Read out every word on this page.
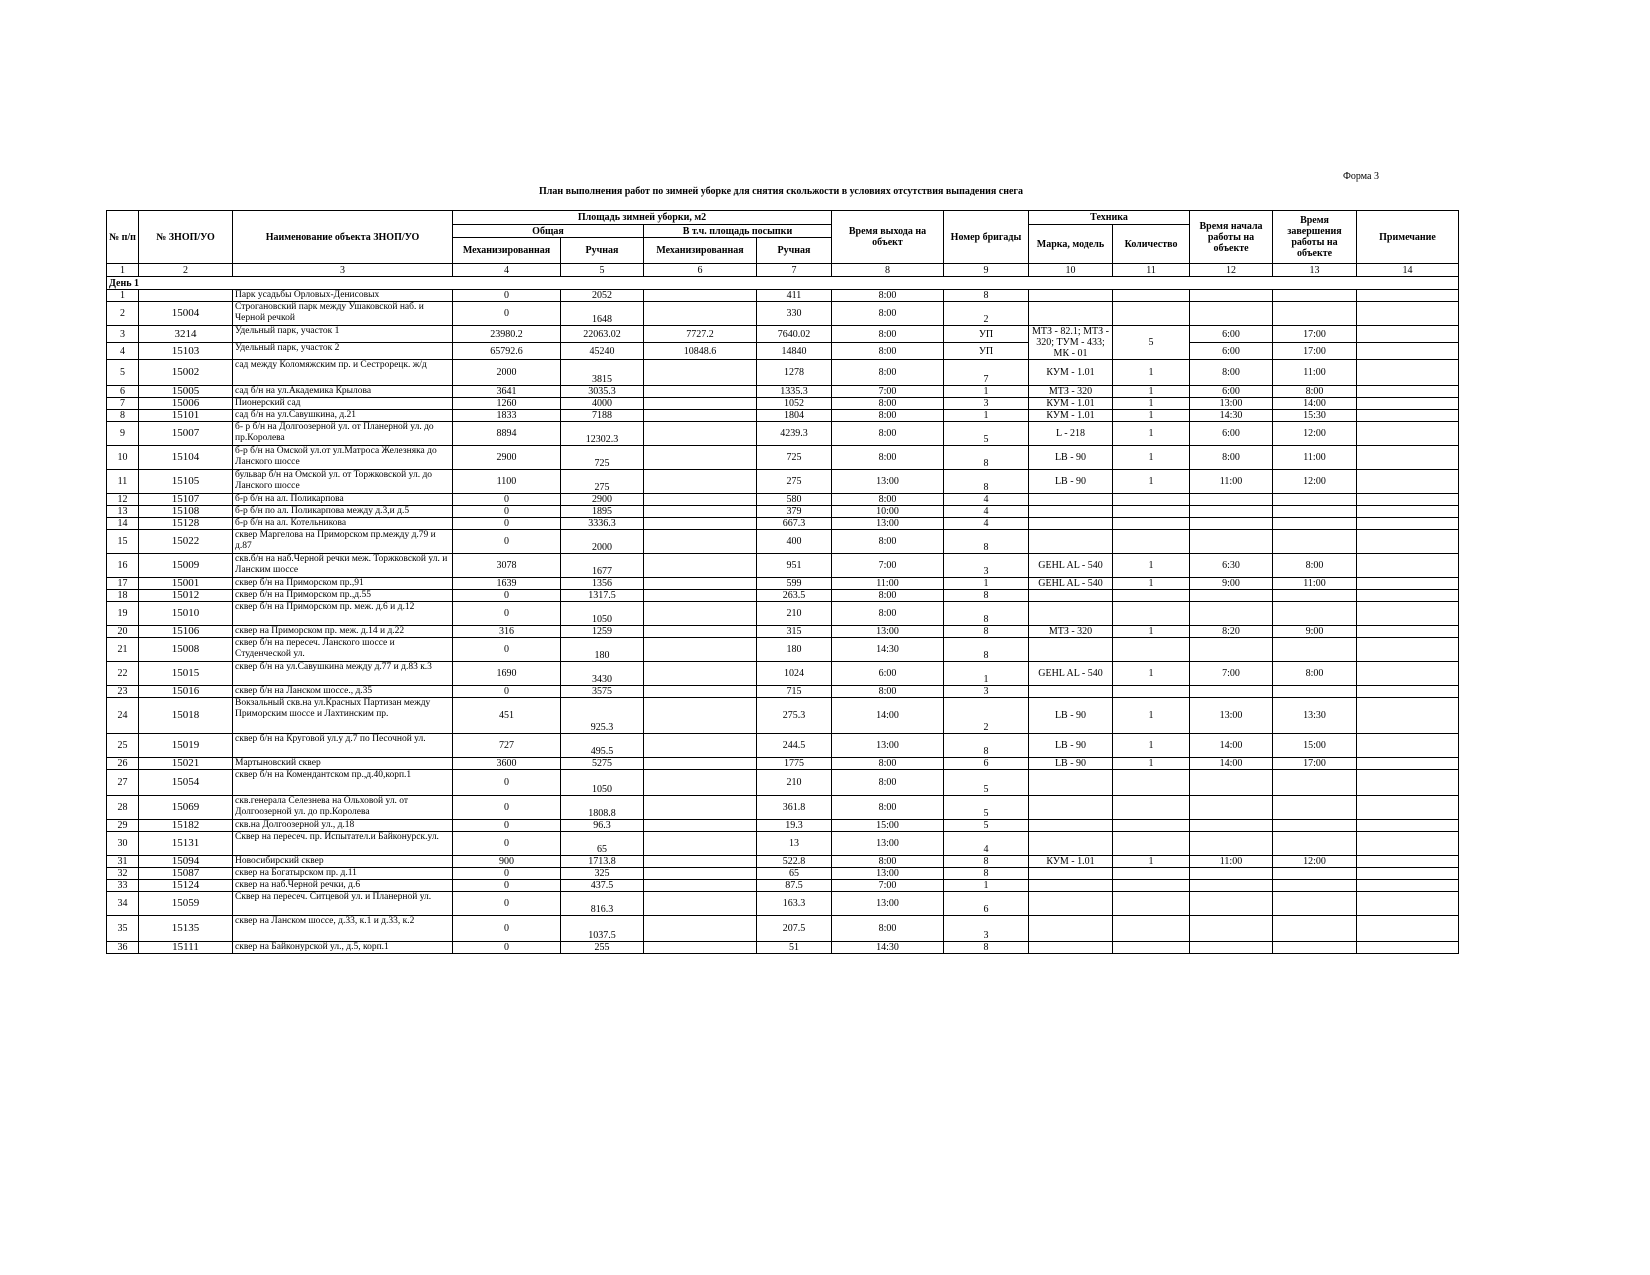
Форма 3
План выполнения работ по зимней уборке для снятия скольжости в условиях отсутствия выпадения снега
№ п/п	№ ЗНОП/УО	Наименование объекта ЗНОП/УО	Площадь зимней уборки, м2				Время выхода на объект	Номер бригады	Техника		Время начала работы на объекте	Время завершения работы на объекте	Примечание
			Общая		В т.ч. площадь посыпки				Марка, модель	Количество			
			Механизированная	Ручная	Механизированная	Ручная							
1	2	3	4	5	6	7	8	9	10	11	12	13	14
День 1													
1		Парк усадьбы Орловых-Денисовых	0	2052		411	8:00	8					
2	15004	Строгановский парк между Ушаковской наб. и Черной речкой	0	1648		330	8:00	2					
3	3214	Удельный парк, участок 1	23980.2	22063.02	7727.2	7640.02	8:00	УП	МТЗ - 82.1; МТЗ - 320; ТУМ - 433; МК - 01	5	6:00	17:00	
4	15103	Удельный парк, участок 2	65792.6	45240	10848.6	14840	8:00	УП			6:00	17:00	
5	15002	сад между Коломяжским пр. и Сестрорецк. ж/д	2000	3815		1278	8:00	7	КУМ - 1.01	1	8:00	11:00	
6	15005	сад б/н на ул.Академика Крылова	3641	3035.3		1335.3	7:00	1	МТЗ - 320	1	6:00	8:00	
7	15006	Пионерский сад	1260	4000		1052	8:00	3	КУМ - 1.01	1	13:00	14:00	
8	15101	сад б/н на ул.Савушкина, д.21	1833	7188		1804	8:00	1	КУМ - 1.01	1	14:30	15:30	
9	15007	б- р б/н на Долгоозерной ул. от Планерной ул. до пр.Королева	8894	12302.3		4239.3	8:00	5	L - 218	1	6:00	12:00	
10	15104	б-р б/н на Омской ул.от ул.Матроса Железняка до Ланского шоссе	2900	725		725	8:00	8	LB - 90	1	8:00	11:00	
11	15105	бульвар б/н на Омской ул. от Торжковской ул. до Ланского шоссе	1100	275		275	13:00	8	LB - 90	1	11:00	12:00	
12	15107	б-р б/н на ал. Поликарпова	0	2900		580	8:00	4					
13	15108	б-р б/н по ал. Поликарпова между д.3,и д.5	0	1895		379	10:00	4					
14	15128	б-р б/н на ал. Котельникова	0	3336.3		667.3	13:00	4					
15	15022	сквер Маргелова на Приморском пр.между д.79 и д.87	0	2000		400	8:00	8					
16	15009	скв.б/н на наб.Черной речки меж. Торжковской ул. и Ланским шоссе	3078	1677		951	7:00	3	GEHL AL - 540	1	6:30	8:00	
17	15001	сквер б/н на Приморском пр.,91	1639	1356		599	11:00	1	GEHL AL - 540	1	9:00	11:00	
18	15012	сквер б/н на Приморском пр.,д.55	0	1317.5		263.5	8:00	8					
19	15010	сквер б/н на Приморском пр. меж. д.6 и д.12	0	1050		210	8:00	8					
20	15106	сквер на Приморском пр. меж. д.14 и д.22	316	1259		315	13:00	8	МТЗ - 320	1	8:20	9:00	
21	15008	сквер б/н на пересеч. Ланского шоссе и Студенческой ул.	0	180		180	14:30	8					
22	15015	сквер б/н на ул.Савушкина между д.77 и д.83 к.3	1690	3430		1024	6:00	1	GEHL AL - 540	1	7:00	8:00	
23	15016	сквер б/н на Ланском шоссе., д.35	0	3575		715	8:00	3					
24	15018	Вокзальный скв.на ул.Красных Партизан между Приморским шоссе и Лахтинским пр.	451	925.3		275.3	14:00	2	LB - 90	1	13:00	13:30	
25	15019	сквер б/н на Круговой ул.у д.7 по Песочной ул.	727	495.5		244.5	13:00	8	LB - 90	1	14:00	15:00	
26	15021	Мартыновский сквер	3600	5275		1775	8:00	6	LB - 90	1	14:00	17:00	
27	15054	сквер б/н на Комендантском пр.,д.40,корп.1	0	1050		210	8:00	5					
28	15069	скв.генерала Селезнева на Ольховой ул. от Долгоозерной ул. до пр.Королева	0	1808.8		361.8	8:00	5					
29	15182	скв.на Долгоозерной ул., д.18	0	96.3		19.3	15:00	5					
30	15131	Сквер на пересеч. пр. Испытател.и Байконурск.ул.	0	65		13	13:00	4					
31	15094	Новосибирский сквер	900	1713.8		522.8	8:00	8	КУМ - 1.01	1	11:00	12:00	
32	15087	сквер на Богатырском пр. д.11	0	325		65	13:00	8					
33	15124	сквер на наб.Черной речки, д.6	0	437.5		87.5	7:00	1					
34	15059	Сквер на пересеч. Ситцевой ул. и Планерной ул.	0	816.3		163.3	13:00	6					
35	15135	сквер на Ланском шоссе, д.33, к.1 и д.33, к.2	0	1037.5		207.5	8:00	3					
36	15111	сквер на Байконурской ул., д.5, корп.1	0	255		51	14:30	8					
